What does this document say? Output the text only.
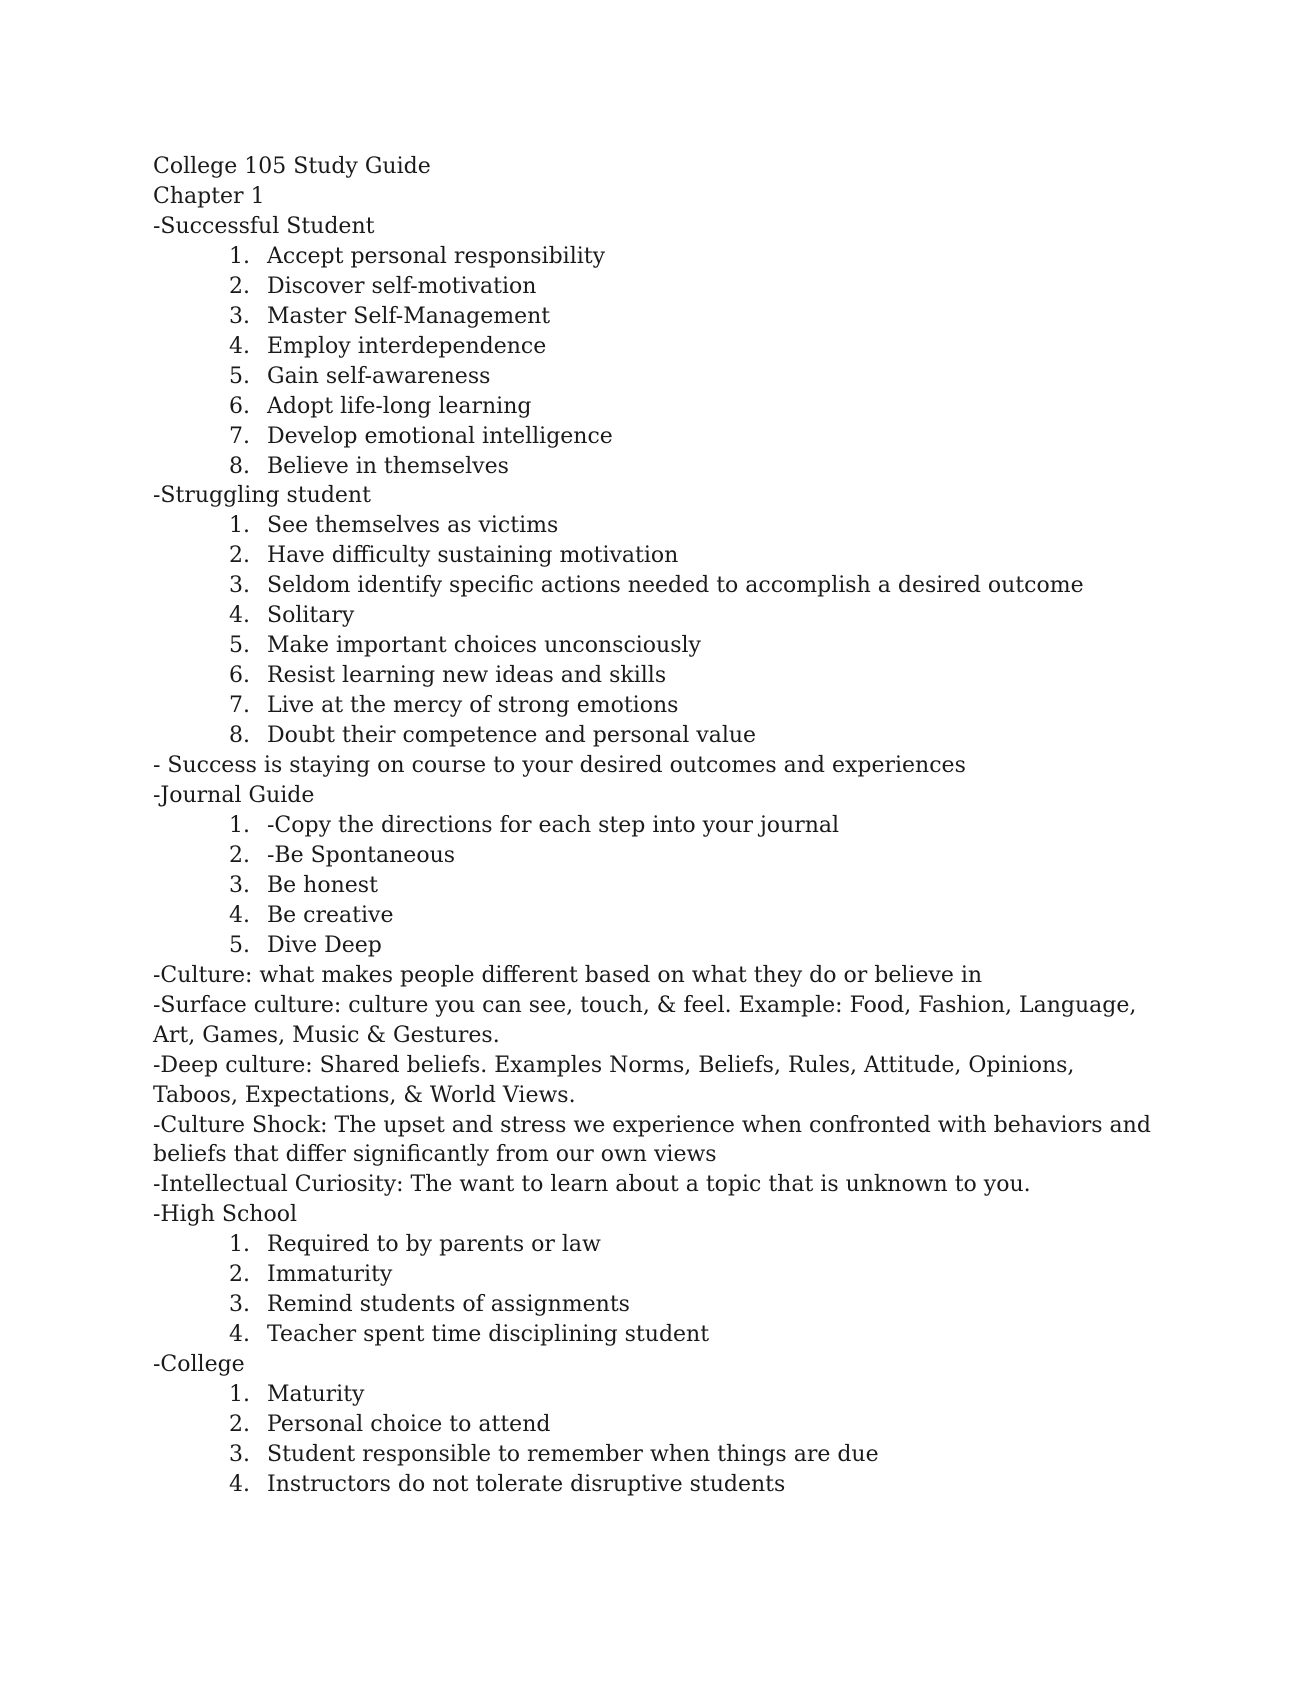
College 105 Study Guide
Chapter 1
-Successful Student
1. Accept personal responsibility
2. Discover self-motivation
3. Master Self-Management
4. Employ interdependence
5. Gain self-awareness
6. Adopt life-long learning
7. Develop emotional intelligence
8. Believe in themselves
-Struggling student
1. See themselves as victims
2. Have difficulty sustaining motivation
3. Seldom identify specific actions needed to accomplish a desired outcome
4. Solitary
5. Make important choices unconsciously
6. Resist learning new ideas and skills
7. Live at the mercy of strong emotions
8. Doubt their competence and personal value
- Success is staying on course to your desired outcomes and experiences
-Journal Guide
1. -Copy the directions for each step into your journal
2. -Be Spontaneous
3. Be honest
4. Be creative
5. Dive Deep
-Culture: what makes people different based on what they do or believe in
-Surface culture: culture you can see, touch, & feel. Example: Food, Fashion, Language, Art, Games, Music & Gestures.
-Deep culture: Shared beliefs. Examples Norms, Beliefs, Rules, Attitude, Opinions, Taboos, Expectations, & World Views.
-Culture Shock: The upset and stress we experience when confronted with behaviors and beliefs that differ significantly from our own views
-Intellectual Curiosity: The want to learn about a topic that is unknown to you.
-High School
1. Required to by parents or law
2. Immaturity
3. Remind students of assignments
4. Teacher spent time disciplining student
-College
1. Maturity
2. Personal choice to attend
3. Student responsible to remember when things are due
4. Instructors do not tolerate disruptive students
